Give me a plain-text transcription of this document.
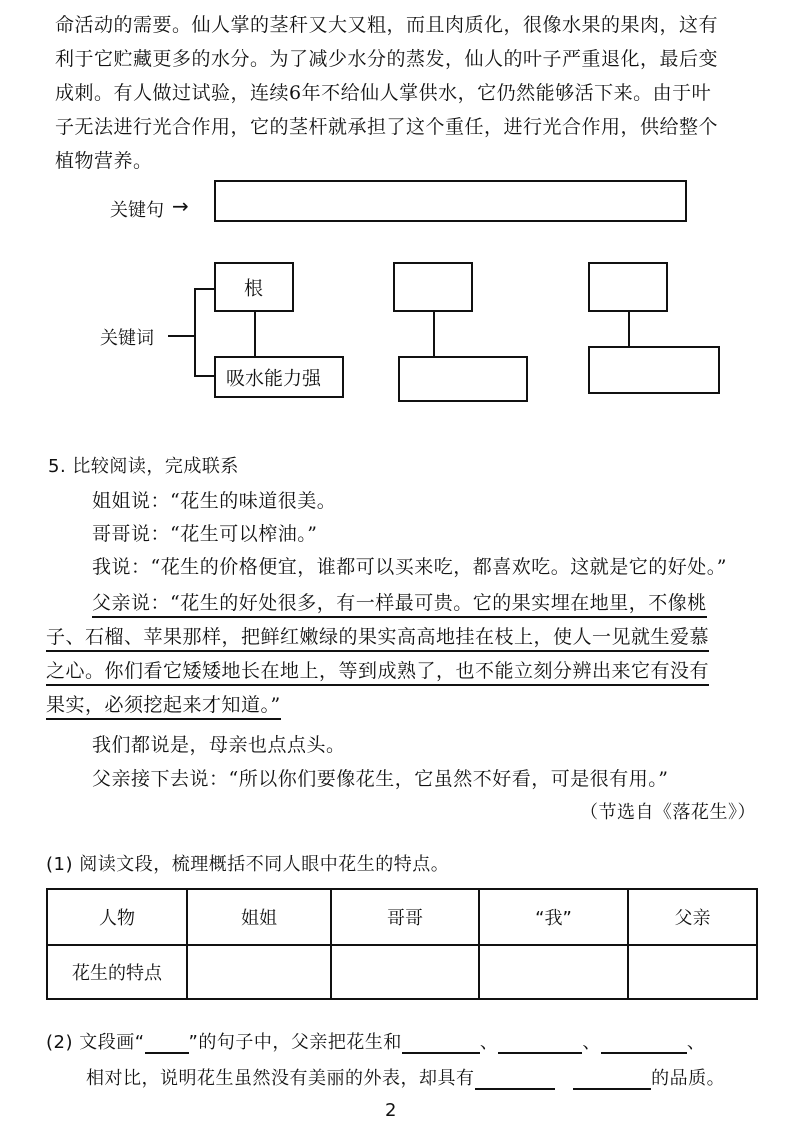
命活动的需要。仙人掌的茎秆又大又粗，而且肉质化，很像水果的果肉，这有
利于它贮藏更多的水分。为了减少水分的蒸发，仙人的叶子严重退化，最后变
成刺。有人做过试验，连续6年不给仙人掌供水，它仍然能够活下来。由于叶
子无法进行光合作用，它的茎杆就承担了这个重任，进行光合作用，供给整个
植物营养。
关键句 →
关键词
根
吸水能力强
5. 比较阅读，完成联系
姐姐说：“花生的味道很美。
哥哥说：“花生可以榨油。”
我说：“花生的价格便宜，谁都可以买来吃，都喜欢吃。这就是它的好处。”
父亲说：“花生的好处很多，有一样最可贵。它的果实埋在地里，不像桃
子、石榴、苹果那样，把鲜红嫩绿的果实高高地挂在枝上，使人一见就生爱慕
之心。你们看它矮矮地长在地上，等到成熟了，也不能立刻分辨出来它有没有
果实，必须挖起来才知道。”
我们都说是，母亲也点点头。
父亲接下去说：“所以你们要像花生，它虽然不好看，可是很有用。”
（节选自《落花生》）
(1) 阅读文段，梳理概括不同人眼中花生的特点。
人物	姐姐	哥哥	“我”	父亲
花生的特点				
(2) 文段画“ ”的句子中，父亲把花生和	、	、	、
相对比，说明花生虽然没有美丽的外表，却具有	的品质。
2
